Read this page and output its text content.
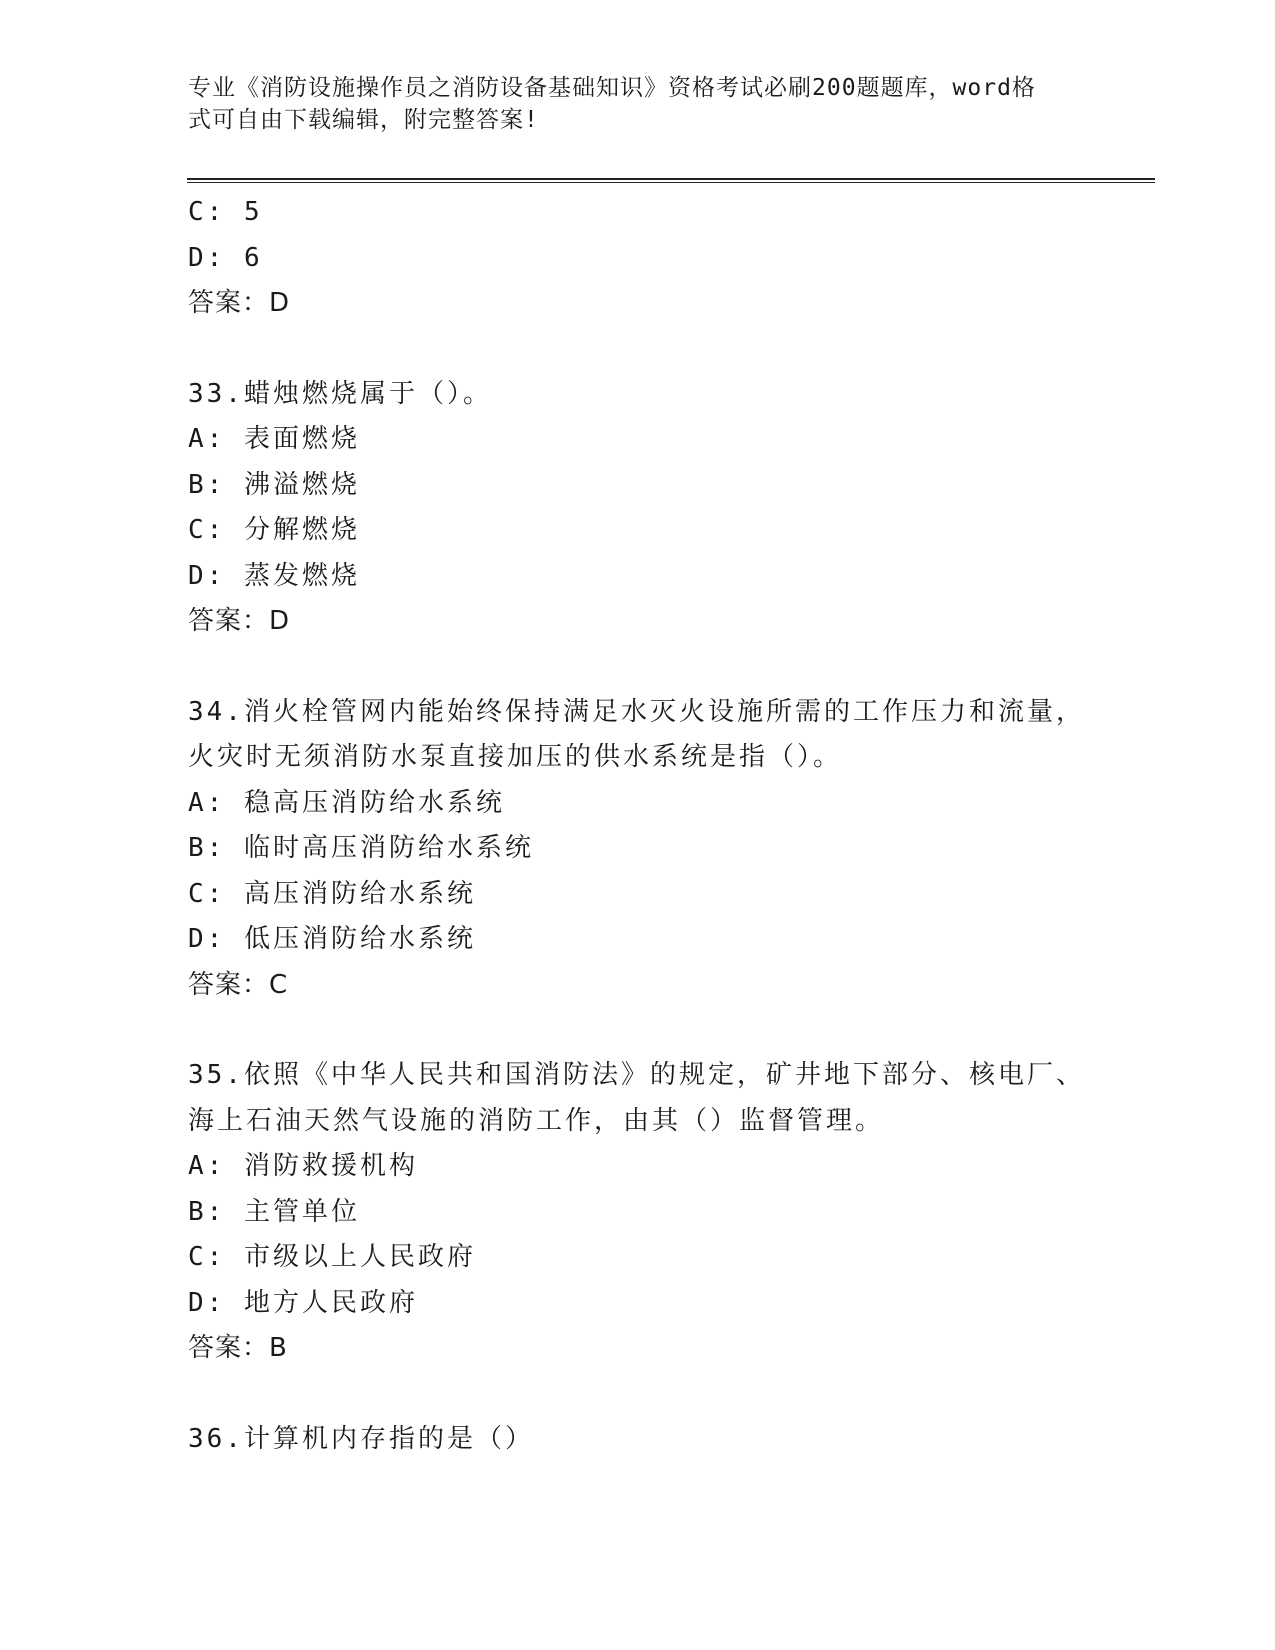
专业《消防设施操作员之消防设备基础知识》资格考试必刷200题题库，word格
式可自由下载编辑，附完整答案!
C: 5
D: 6
答案：D
33.蜡烛燃烧属于（）。
A: 表面燃烧
B: 沸溢燃烧
C: 分解燃烧
D: 蒸发燃烧
答案：D
34.消火栓管网内能始终保持满足水灭火设施所需的工作压力和流量，
火灾时无须消防水泵直接加压的供水系统是指（）。
A: 稳高压消防给水系统
B: 临时高压消防给水系统
C: 高压消防给水系统
D: 低压消防给水系统
答案：C
35.依照《中华人民共和国消防法》的规定，矿井地下部分、核电厂、
海上石油天然气设施的消防工作，由其（）监督管理。
A: 消防救援机构
B: 主管单位
C: 市级以上人民政府
D: 地方人民政府
答案：B
36.计算机内存指的是（）
